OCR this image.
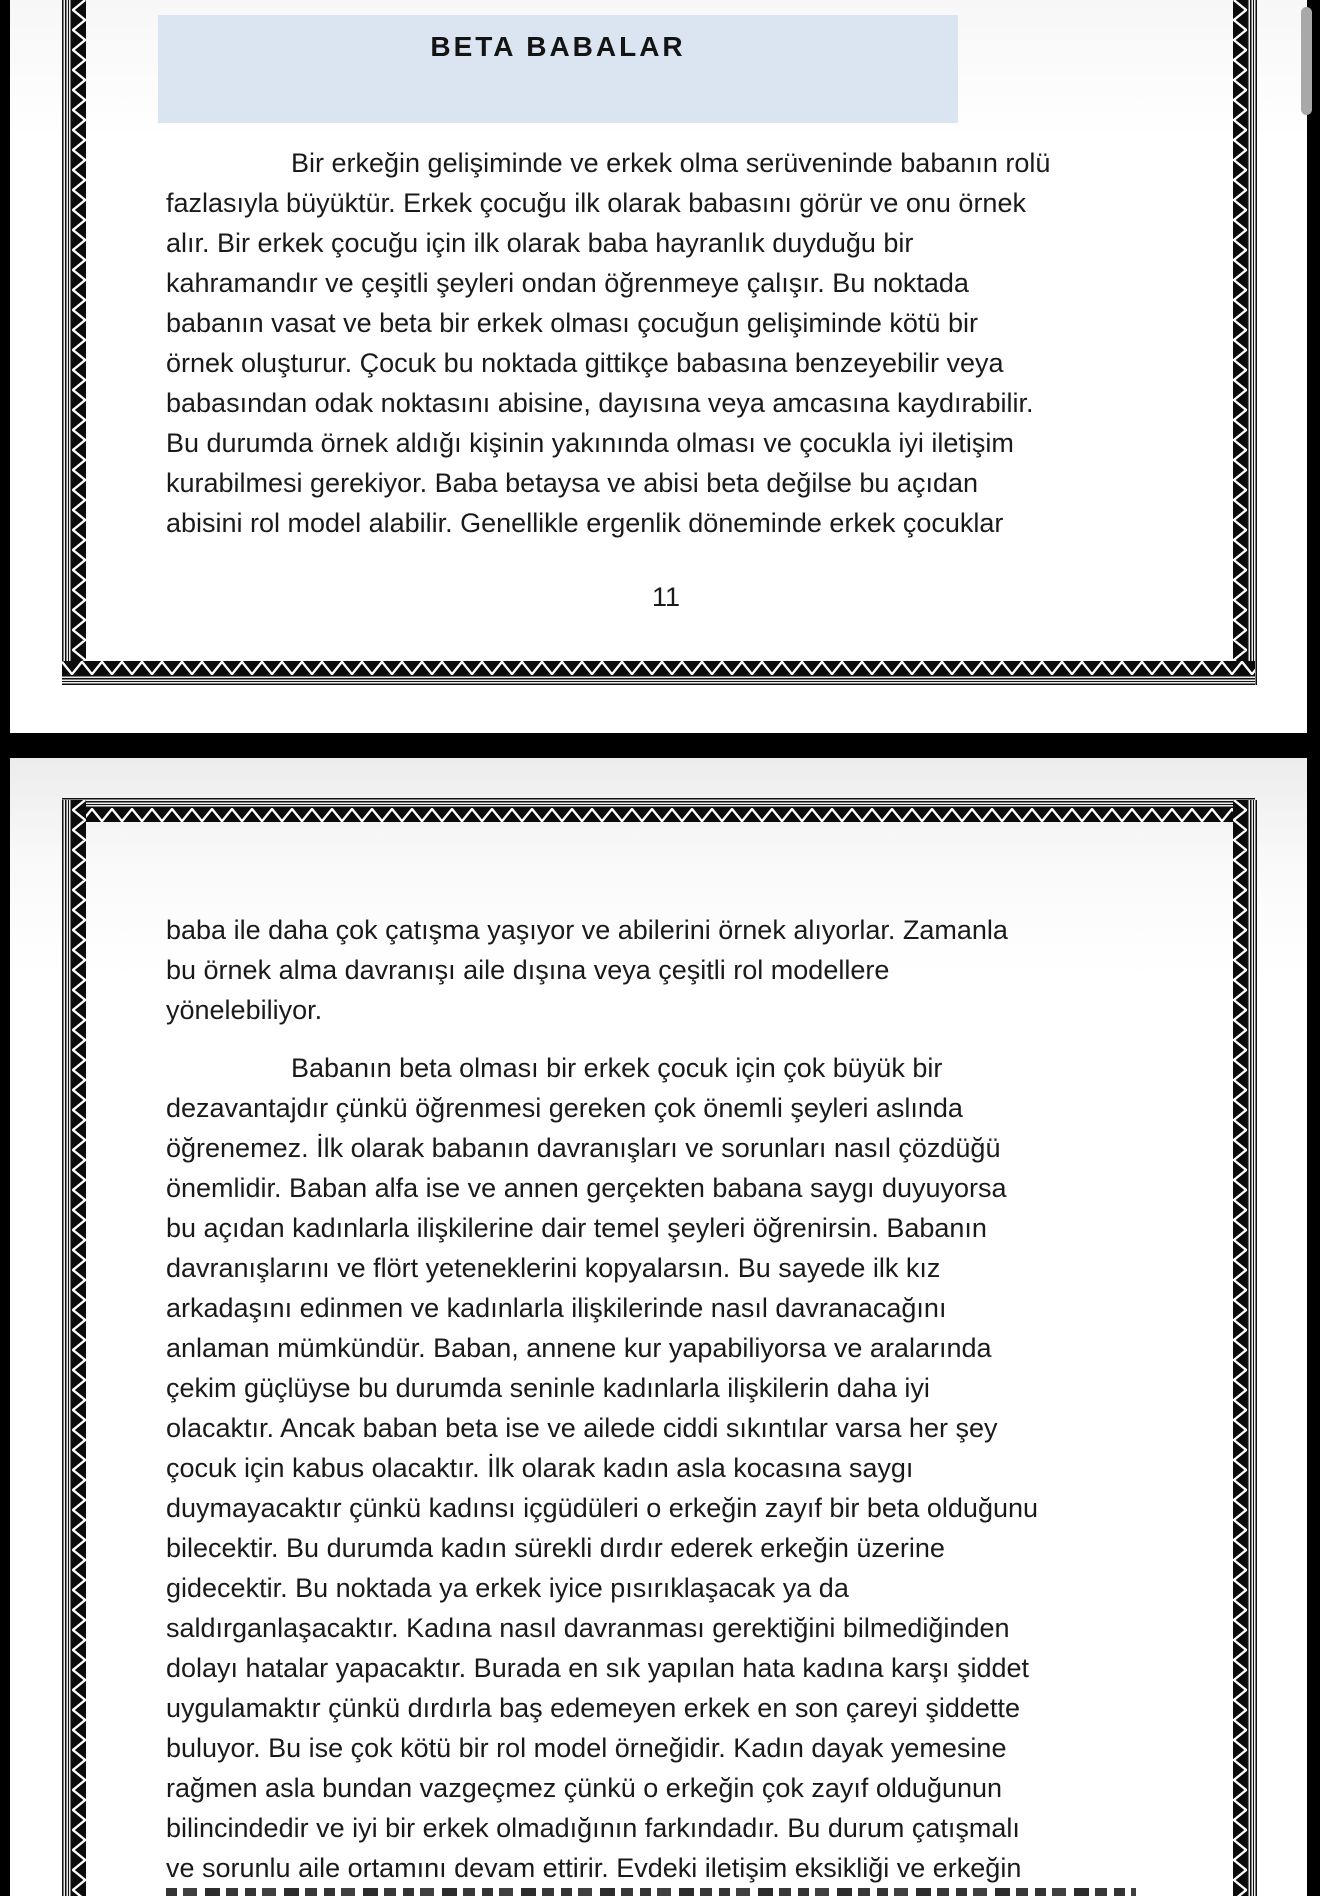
BETA BABALAR
Bir erkeğin gelişiminde ve erkek olma serüveninde babanın rolü
fazlasıyla büyüktür. Erkek çocuğu ilk olarak babasını görür ve onu örnek
alır. Bir erkek çocuğu için ilk olarak baba hayranlık duyduğu bir
kahramandır ve çeşitli şeyleri ondan öğrenmeye çalışır. Bu noktada
babanın vasat ve beta bir erkek olması çocuğun gelişiminde kötü bir
örnek oluşturur. Çocuk bu noktada gittikçe babasına benzeyebilir veya
babasından odak noktasını abisine, dayısına veya amcasına kaydırabilir.
Bu durumda örnek aldığı kişinin yakınında olması ve çocukla iyi iletişim
kurabilmesi gerekiyor. Baba betaysa ve abisi beta değilse bu açıdan
abisini rol model alabilir. Genellikle ergenlik döneminde erkek çocuklar
11
baba ile daha çok çatışma yaşıyor ve abilerini örnek alıyorlar. Zamanla
bu örnek alma davranışı aile dışına veya çeşitli rol modellere
yönelebiliyor.
Babanın beta olması bir erkek çocuk için çok büyük bir
dezavantajdır çünkü öğrenmesi gereken çok önemli şeyleri aslında
öğrenemez. İlk olarak babanın davranışları ve sorunları nasıl çözdüğü
önemlidir. Baban alfa ise ve annen gerçekten babana saygı duyuyorsa
bu açıdan kadınlarla ilişkilerine dair temel şeyleri öğrenirsin. Babanın
davranışlarını ve flört yeteneklerini kopyalarsın. Bu sayede ilk kız
arkadaşını edinmen ve kadınlarla ilişkilerinde nasıl davranacağını
anlaman mümkündür. Baban, annene kur yapabiliyorsa ve aralarında
çekim güçlüyse bu durumda seninle kadınlarla ilişkilerin daha iyi
olacaktır. Ancak baban beta ise ve ailede ciddi sıkıntılar varsa her şey
çocuk için kabus olacaktır. İlk olarak kadın asla kocasına saygı
duymayacaktır çünkü kadınsı içgüdüleri o erkeğin zayıf bir beta olduğunu
bilecektir. Bu durumda kadın sürekli dırdır ederek erkeğin üzerine
gidecektir. Bu noktada ya erkek iyice pısırıklaşacak ya da
saldırganlaşacaktır. Kadına nasıl davranması gerektiğini bilmediğinden
dolayı hatalar yapacaktır. Burada en sık yapılan hata kadına karşı şiddet
uygulamaktır çünkü dırdırla baş edemeyen erkek en son çareyi şiddette
buluyor. Bu ise çok kötü bir rol model örneğidir. Kadın dayak yemesine
rağmen asla bundan vazgeçmez çünkü o erkeğin çok zayıf olduğunun
bilincindedir ve iyi bir erkek olmadığının farkındadır. Bu durum çatışmalı
ve sorunlu aile ortamını devam ettirir. Evdeki iletişim eksikliği ve erkeğin
